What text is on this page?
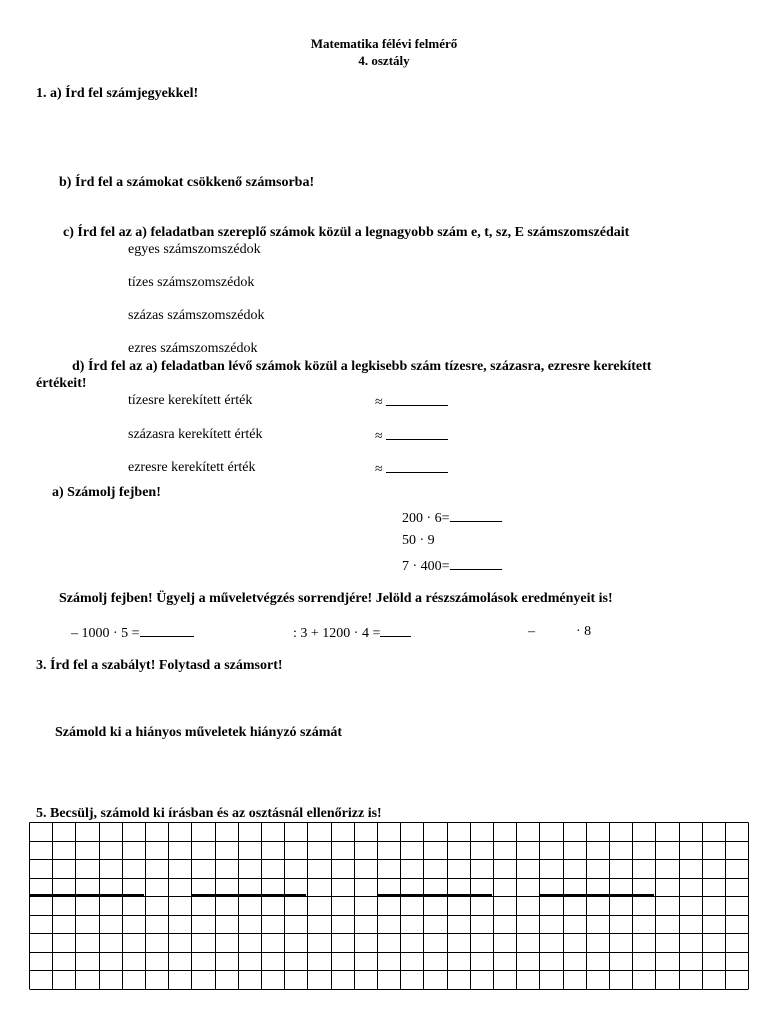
Matematika félévi felmérő
4. osztály
1. a) Írd fel számjegyekkel!
b) Írd fel a számokat csökkenő számsorba!
c) Írd fel az a) feladatban szereplő számok közül a legnagyobb szám e, t, sz, E számszomszédait
egyes számszomszédok
tízes számszomszédok
százas számszomszédok
ezres számszomszédok
d) Írd fel az a) feladatban lévő számok közül a legkisebb szám tízesre, százasra, ezresre kerekített
értékeit!
tízesre kerekített érték	≈
százasra kerekített érték	≈
ezresre kerekített érték	≈
a) Számolj fejben!
200 · 6=
50 · 9
7 · 400=
Számolj fejben! Ügyelj a műveletvégzés sorrendjére! Jelöld a részszámolások eredményeit is!
– 1000 · 5 =	: 3 + 1200 · 4 =	–	· 8
3. Írd fel a szabályt! Folytasd a számsort!
Számold ki a hiányos műveletek hiányzó számát
5. Becsülj, számold ki írásban és az osztásnál ellenőrizz is!
